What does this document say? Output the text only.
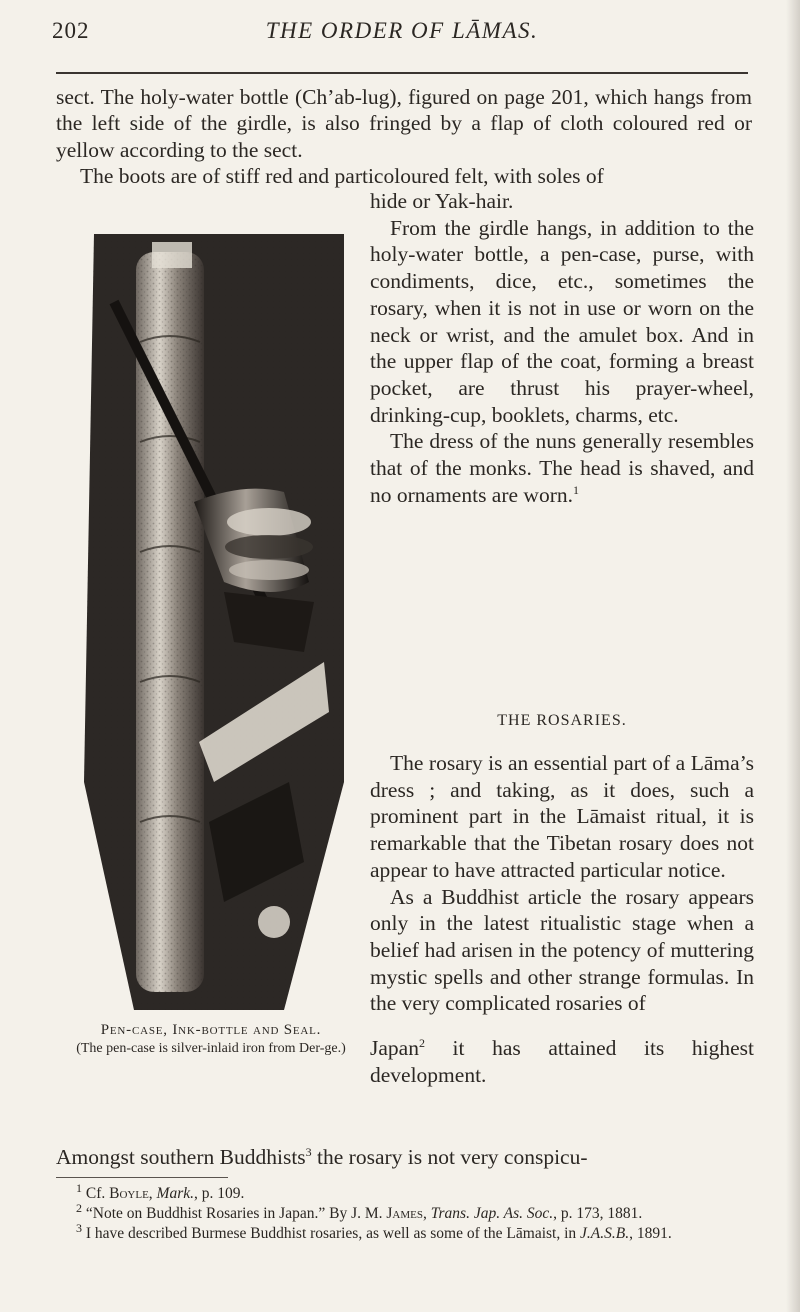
202	THE ORDER OF LĀMAS.

sect. The holy-water bottle (Ch’ab-lug), figured on page 201, which hangs from the left side of the girdle, is also fringed by a flap of cloth coloured red or yellow according to the sect.

The boots are of stiff red and particoloured felt, with soles of

hide or Yak-hair.

From the girdle hangs, in addition to the holy-water bottle, a pen-case, purse, with condiments, dice, etc., sometimes the rosary, when it is not in use or worn on the neck or wrist, and the amulet box. And in the upper flap of the coat, forming a breast pocket, are thrust his prayer-wheel, drinking-cup, booklets, charms, etc.

The dress of the nuns generally resembles that of the monks. The head is shaved, and no ornaments are worn.$^1$

THE ROSARIES.

The rosary is an essential part of a Lāma’s dress ; and taking, as it does, such a prominent part in the Lāmaist ritual, it is remarkable that the Tibetan rosary does not appear to have attracted particular notice.

As a Buddhist article the rosary appears only in the latest ritualistic stage when a belief had arisen in the potency of muttering mystic spells and other strange formulas. In the very complicated rosaries of

Japan$^2$ it has attained its highest development.

Amongst southern Buddhists$^3$ the rosary is not very conspicu-
Pen-case, Ink-bottle and Seal.
(The pen-case is silver-inlaid iron from Der-ge.)

$^1$ Cf. Boyle, Mark., p. 109.

$^2$ “Note on Buddhist Rosaries in Japan.” By J. M. James, Trans. Jap. As. Soc., p. 173, 1881.

$^3$ I have described Burmese Buddhist rosaries, as well as some of the Lāmaist, in J.A.S.B., 1891.
